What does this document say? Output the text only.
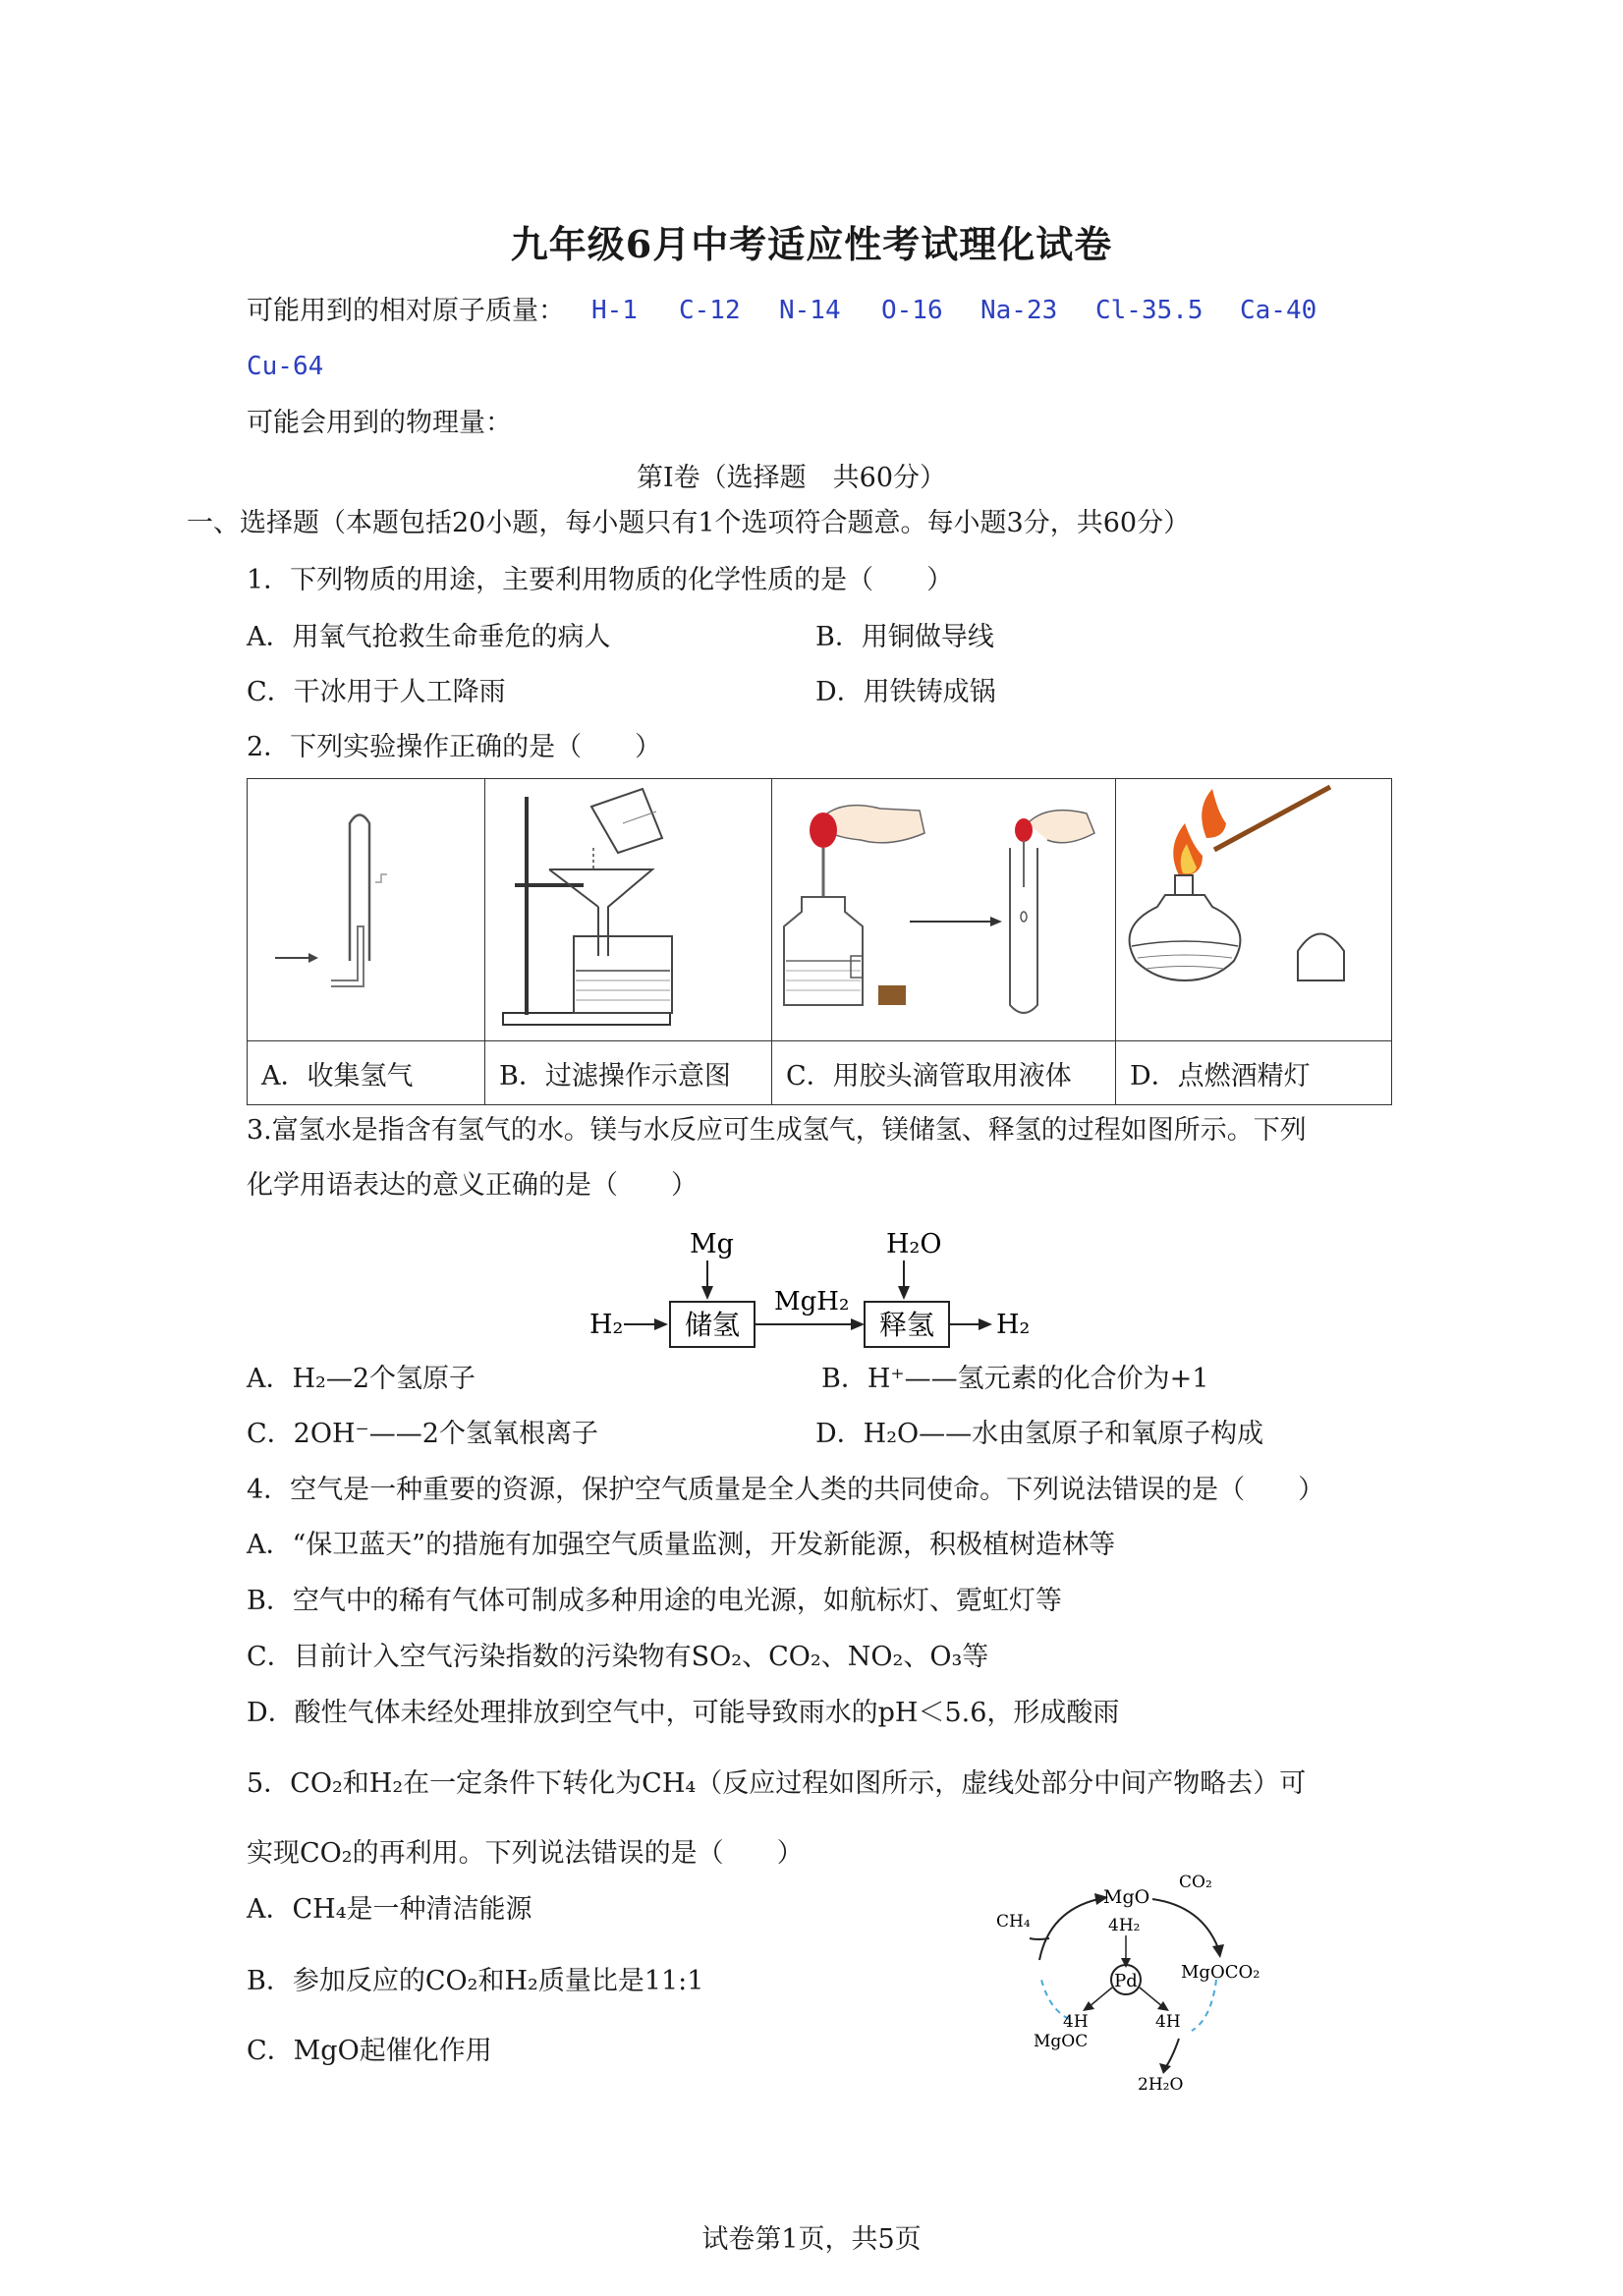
九年级6月中考适应性考试理化试卷
可能用到的相对原子质量： H-1 C-12 N-14 O-16 Na-23 Cl-35.5 Ca-40
Cu-64
可能会用到的物理量：
第Ⅰ卷（选择题　共60分）
一、选择题（本题包括20小题，每小题只有1个选项符合题意。每小题3分，共60分）
1．下列物质的用途，主要利用物质的化学性质的是（　　）
A．用氧气抢救生命垂危的病人	B．用铜做导线
C．干冰用于人工降雨	D．用铁铸成锅
2．下列实验操作正确的是（　　）

A．收集氢气	B．过滤操作示意图	C．用胶头滴管取用液体	D．点燃酒精灯
3.富氢水是指含有氢气的水。镁与水反应可生成氢气，镁储氢、释氢的过程如图所示。下列
化学用语表达的意义正确的是（　　）
Mg	H₂O
H₂ 储氢
MgH₂
释氢 H₂
A．H₂—2个氢原子	B．H⁺——氢元素的化合价为+1
C．2OH⁻——2个氢氧根离子	D．H₂O——水由氢原子和氧原子构成
4．空气是一种重要的资源，保护空气质量是全人类的共同使命。下列说法错误的是（　　）
A．“保卫蓝天”的措施有加强空气质量监测，开发新能源，积极植树造林等
B．空气中的稀有气体可制成多种用途的电光源，如航标灯、霓虹灯等
C．目前计入空气污染指数的污染物有SO₂、CO₂、NO₂、O₃等
D．酸性气体未经处理排放到空气中，可能导致雨水的pH＜5.6，形成酸雨
5．CO₂和H₂在一定条件下转化为CH₄（反应过程如图所示，虚线处部分中间产物略去）可
实现CO₂的再利用。下列说法错误的是（　　）
A．CH₄是一种清洁能源
B．参加反应的CO₂和H₂质量比是11:1
C．MgO起催化作用
Pd
MgO
CO₂
4H₂
CH₄
MgOCO₂
4H	4H
MgOC
2H₂O
试卷第1页，共5页
